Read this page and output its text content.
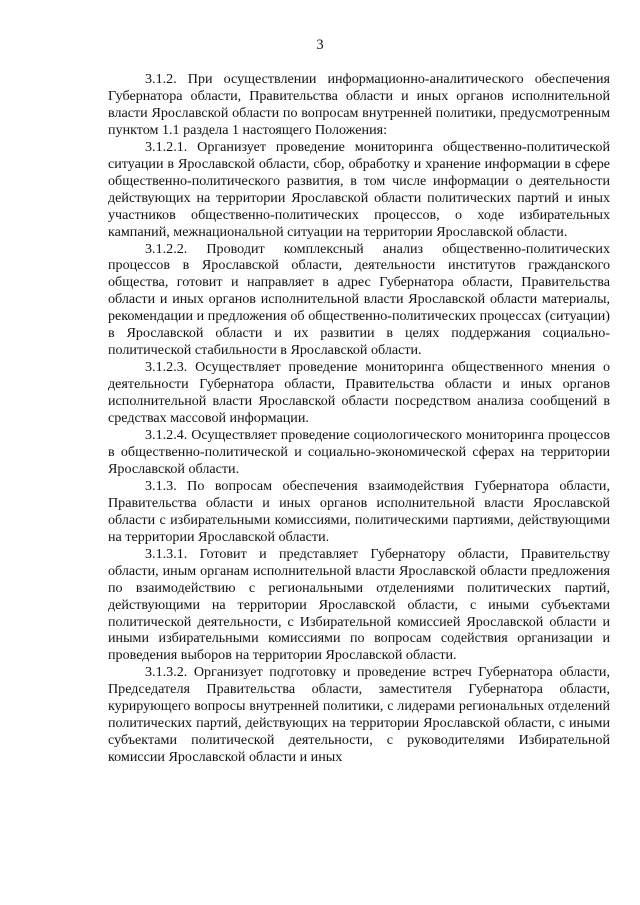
3

3.1.2. При осуществлении информационно-аналитического обеспечения Губернатора области, Правительства области и иных органов исполнительной власти Ярославской области по вопросам внутренней политики, предусмотренным пунктом 1.1 раздела 1 настоящего Положения:

3.1.2.1. Организует проведение мониторинга общественно-политической ситуации в Ярославской области, сбор, обработку и хранение информации в сфере общественно-политического развития, в том числе информации о деятельности действующих на территории Ярославской области политических партий и иных участников общественно-политических процессов, о ходе избирательных кампаний, межнациональной ситуации на территории Ярославской области.

3.1.2.2. Проводит комплексный анализ общественно-политических процессов в Ярославской области, деятельности институтов гражданского общества, готовит и направляет в адрес Губернатора области, Правительства области и иных органов исполнительной власти Ярославской области материалы, рекомендации и предложения об общественно-политических процессах (ситуации) в Ярославской области и их развитии в целях поддержания социально-политической стабильности в Ярославской области.

3.1.2.3. Осуществляет проведение мониторинга общественного мнения о деятельности Губернатора области, Правительства области и иных органов исполнительной власти Ярославской области посредством анализа сообщений в средствах массовой информации.

3.1.2.4. Осуществляет проведение социологического мониторинга процессов в общественно-политической и социально-экономической сферах на территории Ярославской области.

3.1.3. По вопросам обеспечения взаимодействия Губернатора области, Правительства области и иных органов исполнительной власти Ярославской области с избирательными комиссиями, политическими партиями, действующими на территории Ярославской области.

3.1.3.1. Готовит и представляет Губернатору области, Правительству области, иным органам исполнительной власти Ярославской области предложения по взаимодействию с региональными отделениями политических партий, действующими на территории Ярославской области, с иными субъектами политической деятельности, с Избирательной комиссией Ярославской области и иными избирательными комиссиями по вопросам содействия организации и проведения выборов на территории Ярославской области.

3.1.3.2. Организует подготовку и проведение встреч Губернатора области, Председателя Правительства области, заместителя Губернатора области, курирующего вопросы внутренней политики, с лидерами региональных отделений политических партий, действующих на территории Ярославской области, с иными субъектами политической деятельности, с руководителями Избирательной комиссии Ярославской области и иных
